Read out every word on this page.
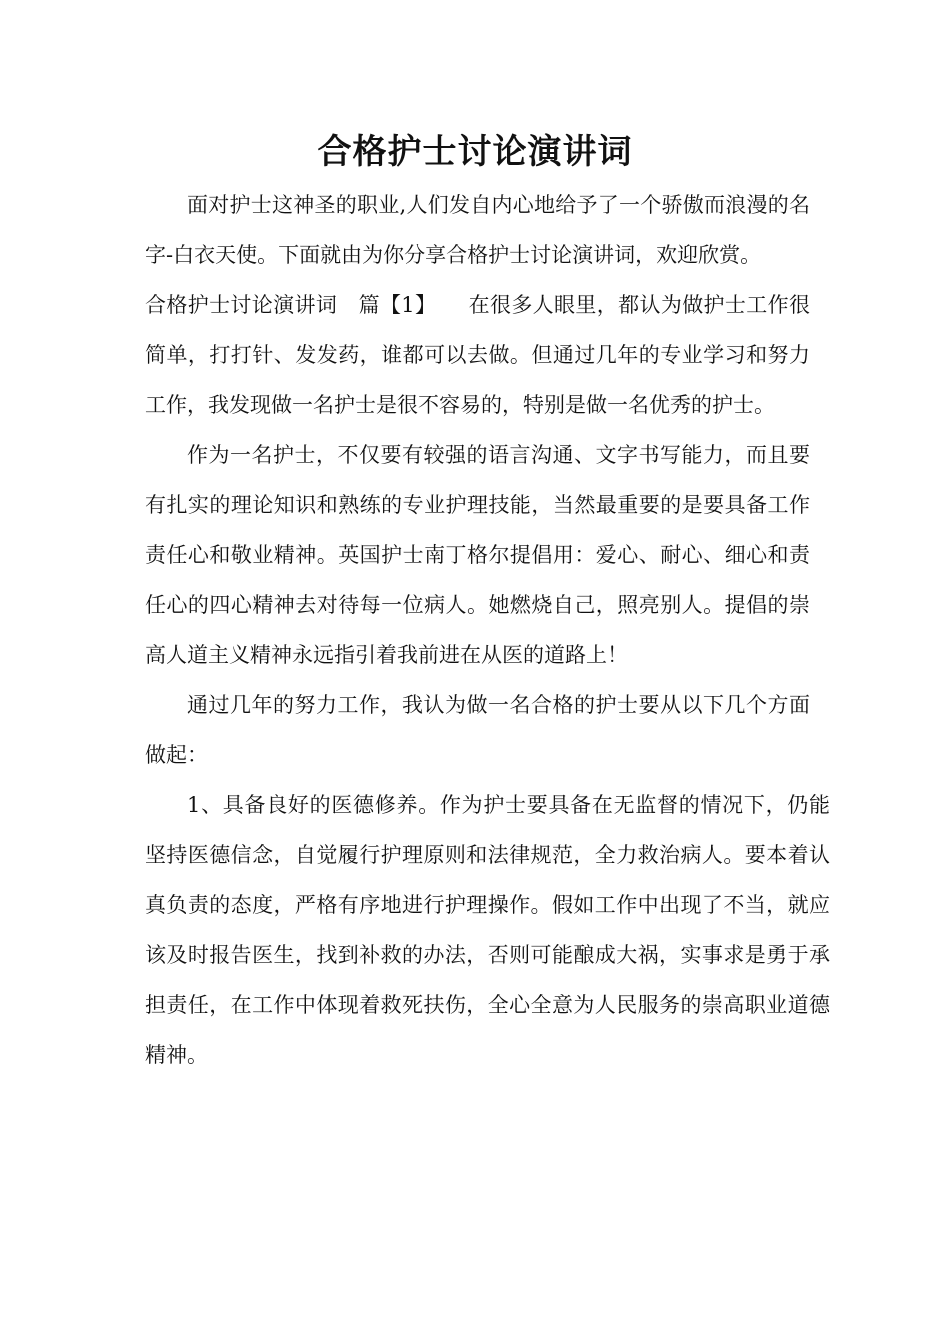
合格护士讨论演讲词

面对护士这神圣的职业,人们发自内心地给予了一个骄傲而浪漫的名字-白衣天使。下面就由为你分享合格护士讨论演讲词，欢迎欣赏。

合格护士讨论演讲词　篇【1】　　在很多人眼里，都认为做护士工作很简单，打打针、发发药，谁都可以去做。但通过几年的专业学习和努力工作，我发现做一名护士是很不容易的，特别是做一名优秀的护士。

作为一名护士，不仅要有较强的语言沟通、文字书写能力，而且要有扎实的理论知识和熟练的专业护理技能，当然最重要的是要具备工作责任心和敬业精神。英国护士南丁格尔提倡用：爱心、耐心、细心和责任心的四心精神去对待每一位病人。她燃烧自己，照亮别人。提倡的崇高人道主义精神永远指引着我前进在从医的道路上！

通过几年的努力工作，我认为做一名合格的护士要从以下几个方面做起：

1、具备良好的医德修养。作为护士要具备在无监督的情况下，仍能坚持医德信念，自觉履行护理原则和法律规范，全力救治病人。要本着认真负责的态度，严格有序地进行护理操作。假如工作中出现了不当，就应该及时报告医生，找到补救的办法，否则可能酿成大祸，实事求是勇于承担责任，在工作中体现着救死扶伤，全心全意为人民服务的崇高职业道德精神。
